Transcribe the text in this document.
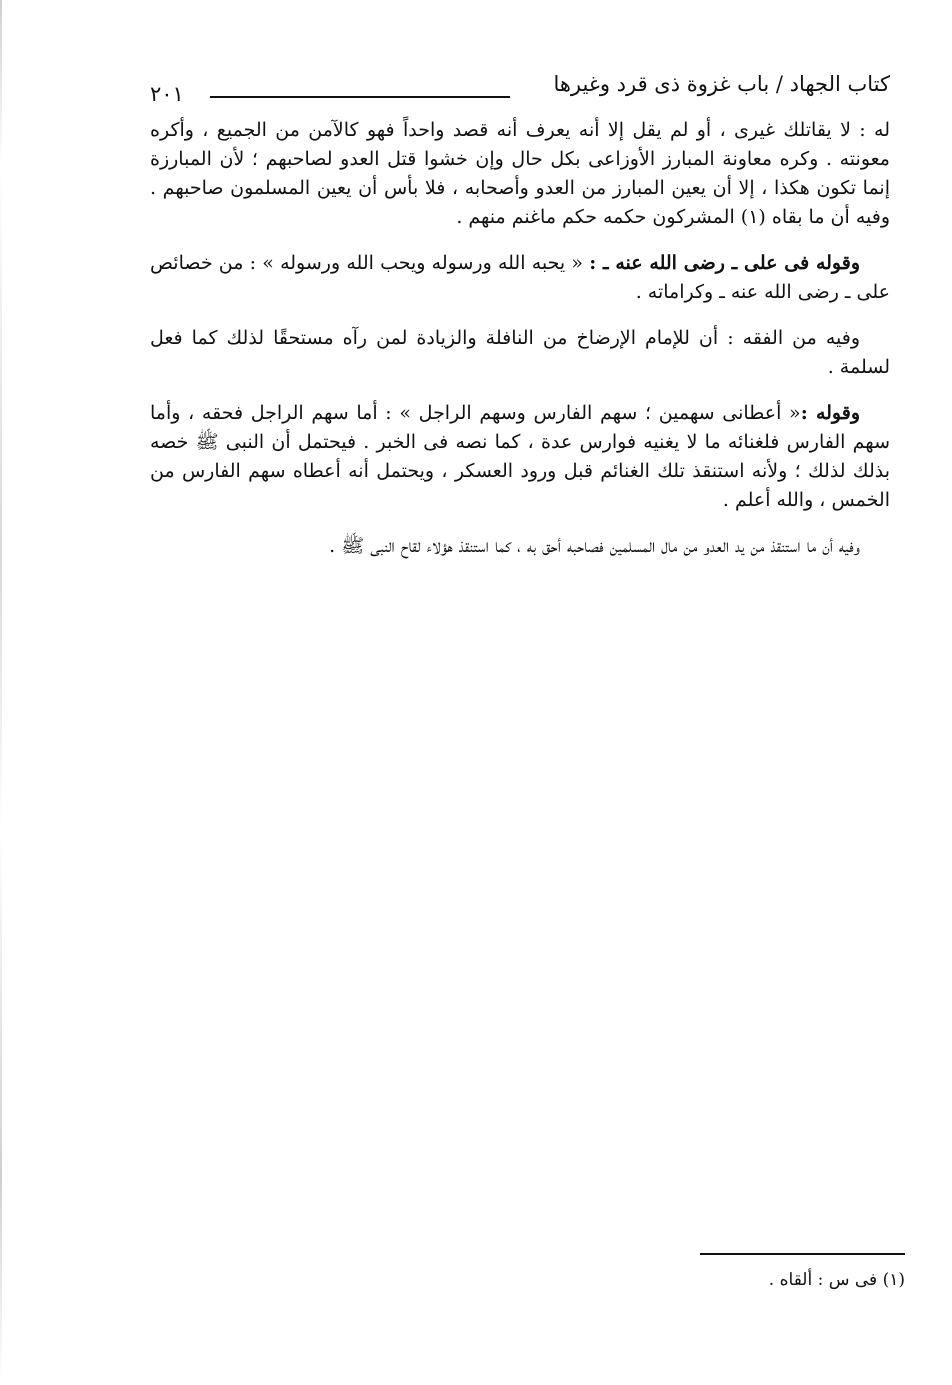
كتاب الجهاد / باب غزوة ذى قرد وغيرها
٢٠١

له : لا يقاتلك غيرى ، أو لم يقل إلا أنه يعرف أنه قصد واحداً فهو كالآمن من الجميع ، وأكره معونته . وكره معاونة المبارز الأوزاعى بكل حال وإن خشوا قتل العدو لصاحبهم ؛ لأن المبارزة إنما تكون هكذا ، إلا أن يعين المبارز من العدو وأصحابه ، فلا بأس أن يعين المسلمون صاحبهم . وفيه أن ما بقاه (١) المشركون حكمه حكم ماغنم منهم .

وقوله فى على ـ رضى الله عنه ـ : « يحبه الله ورسوله ويحب الله ورسوله » : من خصائص على ـ رضى الله عنه ـ وكراماته .

وفيه من الفقه : أن للإمام الإرضاخ من النافلة والزيادة لمن رآه مستحقًا لذلك كما فعل لسلمة .

وقوله :« أعطانى سهمين ؛ سهم الفارس وسهم الراجل » : أما سهم الراجل فحقه ، وأما سهم الفارس فلغنائه ما لا يغنيه فوارس عدة ، كما نصه فى الخبر . فيحتمل أن النبى ﷺ خصه بذلك لذلك ؛ ولأنه استنقذ تلك الغنائم قبل ورود العسكر ، ويحتمل أنه أعطاه سهم الفارس من الخمس ، والله أعلم .

وفيه أن ما استنقذ من يد العدو من مال المسلمين فصاحبه أحق به ، كما استنقذ هؤلاء لقاح النبى ﷺ .

(١) فى س : ألقاه .
